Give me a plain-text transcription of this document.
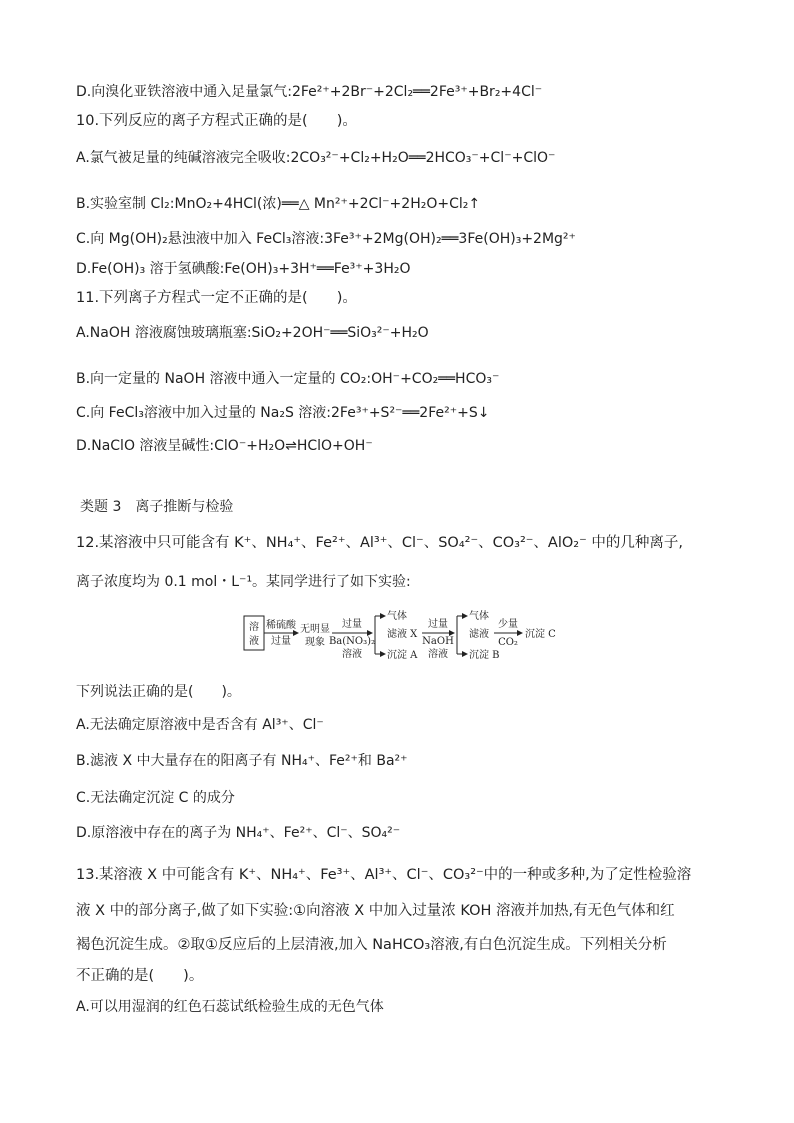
D.向溴化亚铁溶液中通入足量氯气:2Fe²⁺+2Br⁻+2Cl₂══2Fe³⁺+Br₂+4Cl⁻
10.下列反应的离子方程式正确的是(　　)。
A.氯气被足量的纯碱溶液完全吸收:2CO₃²⁻+Cl₂+H₂O══2HCO₃⁻+Cl⁻+ClO⁻
B.实验室制 Cl₂:MnO₂+4HCl(浓)══△ Mn²⁺+2Cl⁻+2H₂O+Cl₂↑
C.向 Mg(OH)₂悬浊液中加入 FeCl₃溶液:3Fe³⁺+2Mg(OH)₂══3Fe(OH)₃+2Mg²⁺
D.Fe(OH)₃ 溶于氢碘酸:Fe(OH)₃+3H⁺══Fe³⁺+3H₂O
11.下列离子方程式一定不正确的是(　　)。
A.NaOH 溶液腐蚀玻璃瓶塞:SiO₂+2OH⁻══SiO₃²⁻+H₂O
B.向一定量的 NaOH 溶液中通入一定量的 CO₂:OH⁻+CO₂══HCO₃⁻
C.向 FeCl₃溶液中加入过量的 Na₂S 溶液:2Fe³⁺+S²⁻══2Fe²⁺+S↓
D.NaClO 溶液呈碱性:ClO⁻+H₂O⇌HClO+OH⁻
类题 3　离子推断与检验
12.某溶液中只可能含有 K⁺、NH₄⁺、Fe²⁺、Al³⁺、Cl⁻、SO₄²⁻、CO₃²⁻、AlO₂⁻ 中的几种离子,
离子浓度均为 0.1 mol・L⁻¹。某同学进行了如下实验:
溶
液
稀硫酸
过量
无明显
现象
过量
Ba(NO₃)₂
溶液
气体
滤液 X
沉淀 A
过量
NaOH
溶液
气体
滤液
沉淀 B
少量
CO₂
沉淀 C
下列说法正确的是(　　)。
A.无法确定原溶液中是否含有 Al³⁺、Cl⁻
B.滤液 X 中大量存在的阳离子有 NH₄⁺、Fe²⁺和 Ba²⁺
C.无法确定沉淀 C 的成分
D.原溶液中存在的离子为 NH₄⁺、Fe²⁺、Cl⁻、SO₄²⁻
13.某溶液 X 中可能含有 K⁺、NH₄⁺、Fe³⁺、Al³⁺、Cl⁻、CO₃²⁻中的一种或多种,为了定性检验溶
液 X 中的部分离子,做了如下实验:①向溶液 X 中加入过量浓 KOH 溶液并加热,有无色气体和红
褐色沉淀生成。②取①反应后的上层清液,加入 NaHCO₃溶液,有白色沉淀生成。下列相关分析
不正确的是(　　)。
A.可以用湿润的红色石蕊试纸检验生成的无色气体
